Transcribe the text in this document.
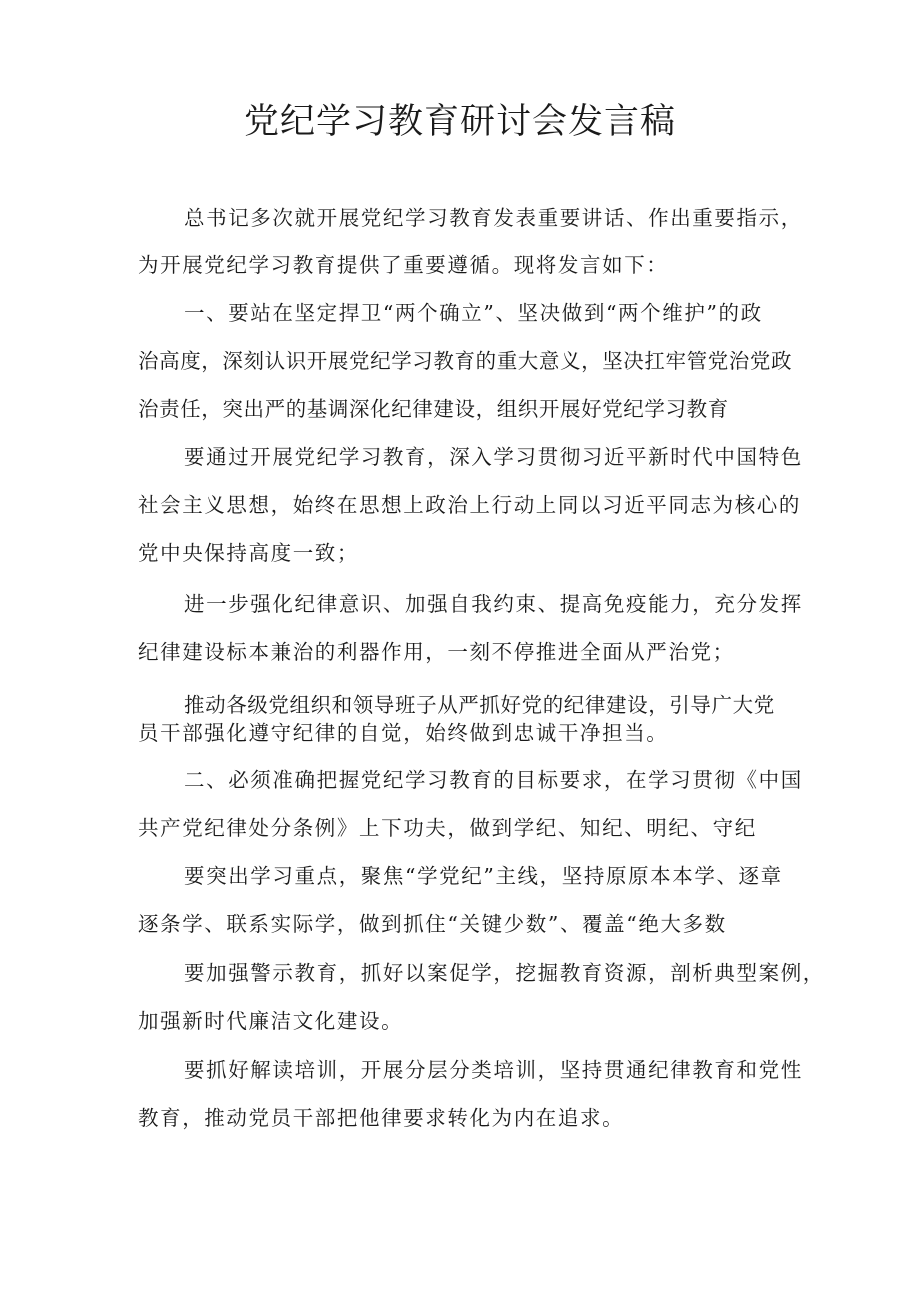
党纪学习教育研讨会发言稿

总书记多次就开展党纪学习教育发表重要讲话、作出重要指示，

为开展党纪学习教育提供了重要遵循。现将发言如下：

一、要站在坚定捍卫“两个确立”、坚决做到“两个维护”的政

治高度，深刻认识开展党纪学习教育的重大意义，坚决扛牢管党治党政

治责任，突出严的基调深化纪律建设，组织开展好党纪学习教育

要通过开展党纪学习教育，深入学习贯彻习近平新时代中国特色

社会主义思想，始终在思想上政治上行动上同以习近平同志为核心的

党中央保持高度一致；

进一步强化纪律意识、加强自我约束、提高免疫能力，充分发挥

纪律建设标本兼治的利器作用，一刻不停推进全面从严治党；

推动各级党组织和领导班子从严抓好党的纪律建设，引导广大党

员干部强化遵守纪律的自觉，始终做到忠诚干净担当。

二、必须准确把握党纪学习教育的目标要求，在学习贯彻《中国

共产党纪律处分条例》上下功夫，做到学纪、知纪、明纪、守纪

要突出学习重点，聚焦“学党纪”主线，坚持原原本本学、逐章

逐条学、联系实际学，做到抓住“关键少数”、覆盖“绝大多数

要加强警示教育，抓好以案促学，挖掘教育资源，剖析典型案例，

加强新时代廉洁文化建设。

要抓好解读培训，开展分层分类培训，坚持贯通纪律教育和党性

教育，推动党员干部把他律要求转化为内在追求。
